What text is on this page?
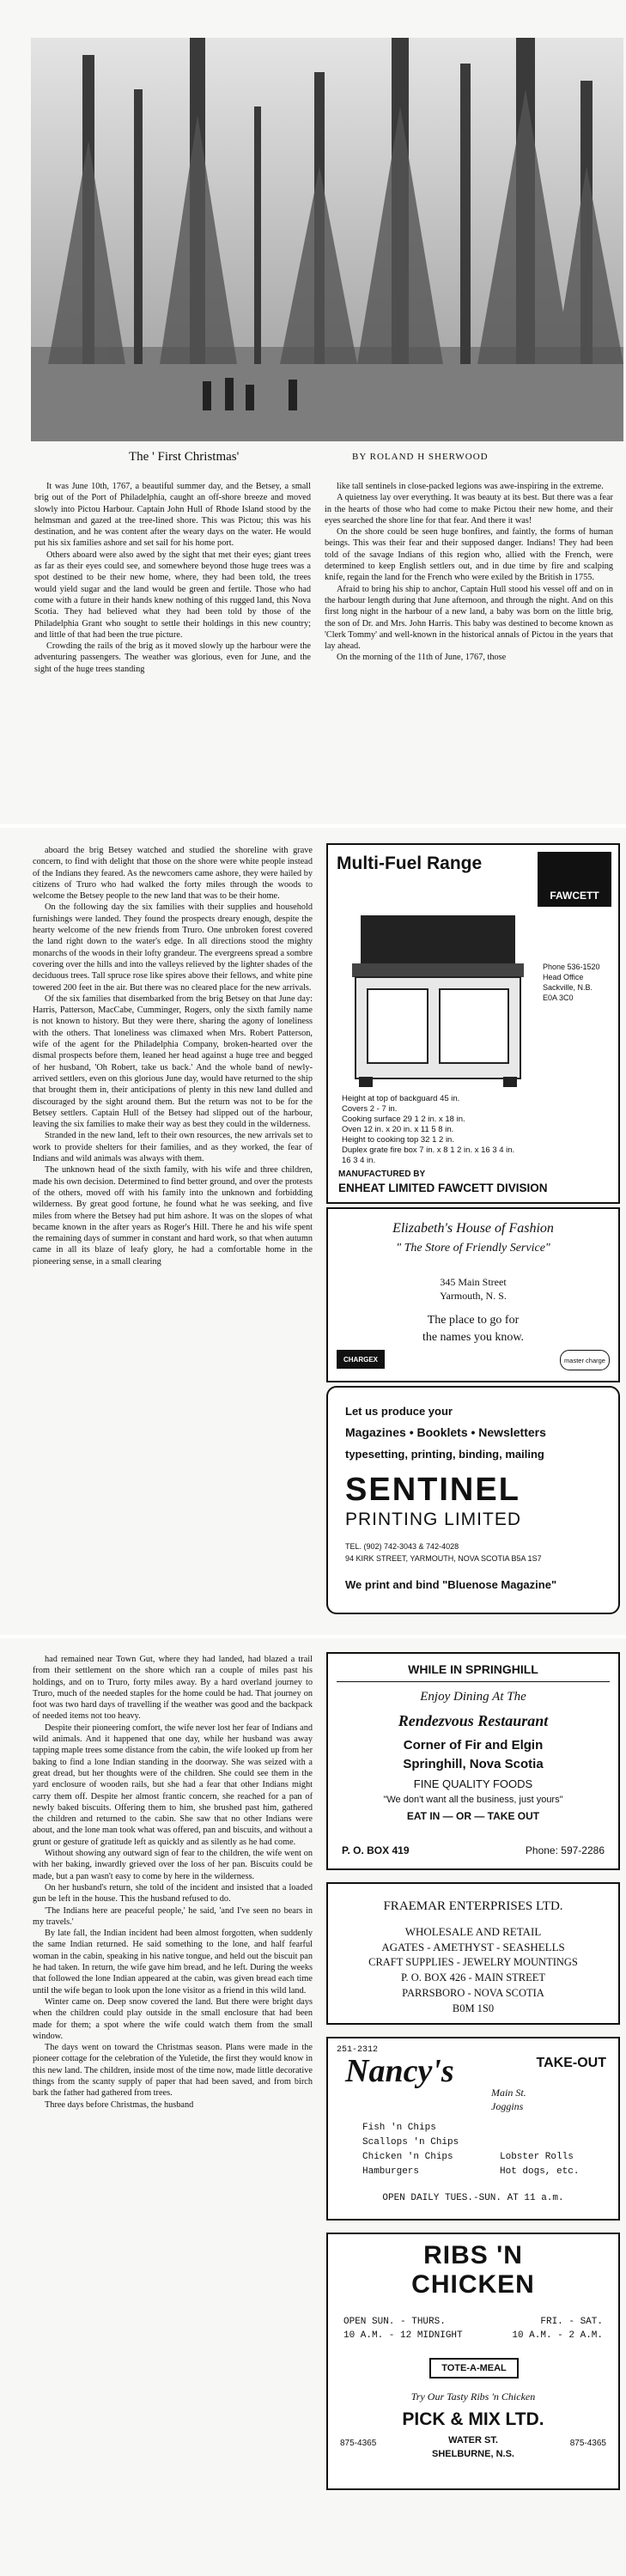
The ' First Christmas'	BY ROLAND H SHERWOOD

It was June 10th, 1767, a beautiful summer day, and the Betsey, a small brig out of the Port of Philadelphia, caught an off-shore breeze and moved slowly into Pictou Harbour. Captain John Hull of Rhode Island stood by the helmsman and gazed at the tree-lined shore. This was Pictou; this was his destination, and he was content after the weary days on the water. He would put his six families ashore and set sail for his home port.

Others aboard were also awed by the sight that met their eyes; giant trees as far as their eyes could see, and somewhere beyond those huge trees was a spot destined to be their new home, where, they had been told, the trees would yield sugar and the land would be green and fertile. Those who had come with a future in their hands knew nothing of this rugged land, this Nova Scotia. They had believed what they had been told by those of the Philadelphia Grant who sought to settle their holdings in this new country; and little of that had been the true picture.

Crowding the rails of the brig as it moved slowly up the harbour were the adventuring passengers. The weather was glorious, even for June, and the sight of the huge trees standing

like tall sentinels in close-packed legions was awe-inspiring in the extreme.

A quietness lay over everything. It was beauty at its best. But there was a fear in the hearts of those who had come to make Pictou their new home, and their eyes searched the shore line for that fear. And there it was!

On the shore could be seen huge bonfires, and faintly, the forms of human beings. This was their fear and their supposed danger. Indians! They had been told of the savage Indians of this region who, allied with the French, were determined to keep English settlers out, and in due time by fire and scalping knife, regain the land for the French who were exiled by the British in 1755.

Afraid to bring his ship to anchor, Captain Hull stood his vessel off and on in the harbour length during that June afternoon, and through the night. And on this first long night in the harbour of a new land, a baby was born on the little brig, the son of Dr. and Mrs. John Harris. This baby was destined to become known as 'Clerk Tommy' and well-known in the historical annals of Pictou in the years that lay ahead.

On the morning of the 11th of June, 1767, those

aboard the brig Betsey watched and studied the shoreline with grave concern, to find with delight that those on the shore were white people instead of the Indians they feared. As the newcomers came ashore, they were hailed by citizens of Truro who had walked the forty miles through the woods to welcome the Betsey people to the new land that was to be their home.

On the following day the six families with their supplies and household furnishings were landed. They found the prospects dreary enough, despite the hearty welcome of the new friends from Truro. One unbroken forest covered the land right down to the water's edge. In all directions stood the mighty monarchs of the woods in their lofty grandeur. The evergreens spread a sombre covering over the hills and into the valleys relieved by the lighter shades of the deciduous trees. Tall spruce rose like spires above their fellows, and white pine towered 200 feet in the air. But there was no cleared place for the new arrivals.

Of the six families that disembarked from the brig Betsey on that June day: Harris, Patterson, MacCabe, Cumminger, Rogers, only the sixth family name is not known to history. But they were there, sharing the agony of loneliness with the others. That loneliness was climaxed when Mrs. Robert Patterson, wife of the agent for the Philadelphia Company, broken-hearted over the dismal prospects before them, leaned her head against a huge tree and begged of her husband, 'Oh Robert, take us back.' And the whole band of newly-arrived settlers, even on this glorious June day, would have returned to the ship that brought them in, their anticipations of plenty in this new land dulled and discouraged by the sight around them. But the return was not to be for the Betsey settlers. Captain Hull of the Betsey had slipped out of the harbour, leaving the six families to make their way as best they could in the wilderness.

Stranded in the new land, left to their own resources, the new arrivals set to work to provide shelters for their families, and as they worked, the fear of Indians and wild animals was always with them.

The unknown head of the sixth family, with his wife and three children, made his own decision. Determined to find better ground, and over the protests of the others, moved off with his family into the unknown and forbidding wilderness. By great good fortune, he found what he was seeking, and five miles from where the Betsey had put him ashore. It was on the slopes of what became known in the after years as Roger's Hill. There he and his wife spent the remaining days of summer in constant and hard work, so that when autumn came in all its blaze of leafy glory, he had a comfortable home in the pioneering sense, in a small clearing

Multi-Fuel Range
FAWCETT
Phone 536-1520
Head Office
Sackville, N.B.
E0A 3C0
Height at top of backguard 45 in.
Covers 2 - 7 in.
Cooking surface 29 1 2 in. x 18 in.
Oven 12 in. x 20 in. x 11 5 8 in.
Height to cooking top 32 1 2 in.
Duplex grate fire box 7 in. x 8 1 2 in. x 16 3 4 in.
16 3 4 in.
MANUFACTURED BY
ENHEAT LIMITED FAWCETT DIVISION
Elizabeth's House of Fashion
" The Store of Friendly Service"
345 Main Street
Yarmouth, N. S.
The place to go for
the names you know.
CHARGEX	master charge
Let us produce your
Magazines • Booklets • Newsletters
typesetting, printing, binding, mailing
SENTINEL
PRINTING LIMITED
TEL. (902) 742-3043 & 742-4028
94 KIRK STREET, YARMOUTH, NOVA SCOTIA B5A 1S7
We print and bind "Bluenose Magazine"

had remained near Town Gut, where they had landed, had blazed a trail from their settlement on the shore which ran a couple of miles past his holdings, and on to Truro, forty miles away. By a hard overland journey to Truro, much of the needed staples for the home could be had. That journey on foot was two hard days of travelling if the weather was good and the backpack of needed items not too heavy.

Despite their pioneering comfort, the wife never lost her fear of Indians and wild animals. And it happened that one day, while her husband was away tapping maple trees some distance from the cabin, the wife looked up from her baking to find a lone Indian standing in the doorway. She was seized with a great dread, but her thoughts were of the children. She could see them in the yard enclosure of wooden rails, but she had a fear that other Indians might carry them off. Despite her almost frantic concern, she reached for a pan of newly baked biscuits. Offering them to him, she brushed past him, gathered the children and returned to the cabin. She saw that no other Indians were about, and the lone man took what was offered, pan and biscuits, and without a grunt or gesture of gratitude left as quickly and as silently as he had come.

Without showing any outward sign of fear to the children, the wife went on with her baking, inwardly grieved over the loss of her pan. Biscuits could be made, but a pan wasn't easy to come by here in the wilderness.

On her husband's return, she told of the incident and insisted that a loaded gun be left in the house. This the husband refused to do.

'The Indians here are peaceful people,' he said, 'and I've seen no bears in my travels.'

By late fall, the Indian incident had been almost forgotten, when suddenly the same Indian returned. He said something to the lone, and half fearful woman in the cabin, speaking in his native tongue, and held out the biscuit pan he had taken. In return, the wife gave him bread, and he left. During the weeks that followed the lone Indian appeared at the cabin, was given bread each time until the wife began to look upon the lone visitor as a friend in this wild land.

Winter came on. Deep snow covered the land. But there were bright days when the children could play outside in the small enclosure that had been made for them; a spot where the wife could watch them from the small window.

The days went on toward the Christmas season. Plans were made in the pioneer cottage for the celebration of the Yuletide, the first they would know in this new land. The children, inside most of the time now, made little decorative things from the scanty supply of paper that had been saved, and from birch bark the father had gathered from trees.

Three days before Christmas, the husband

WHILE IN SPRINGHILL
Enjoy Dining At The
Rendezvous Restaurant
Corner of Fir and Elgin
Springhill, Nova Scotia
FINE QUALITY FOODS
"We don't want all the business, just yours"
EAT IN — OR — TAKE OUT
P. O. BOX 419	Phone: 597-2286
FRAEMAR ENTERPRISES LTD.
WHOLESALE AND RETAIL
AGATES - AMETHYST - SEASHELLS
CRAFT SUPPLIES - JEWELRY MOUNTINGS
P. O. BOX 426 - MAIN STREET
PARRSBORO - NOVA SCOTIA
B0M 1S0
251-2312
Nancy's	TAKE-OUT
Main St.
Joggins
Fish 'n Chips
Scallops 'n Chips
Chicken 'n Chips
Hamburgers
Lobster Rolls
Hot dogs, etc.
OPEN DAILY TUES.-SUN. AT 11 a.m.
RIBS 'N
CHICKEN
OPEN SUN. - THURS.
10 A.M. - 12 MIDNIGHT
FRI. - SAT.
10 A.M. - 2 A.M.
TOTE-A-MEAL
Try Our Tasty Ribs 'n Chicken
PICK & MIX LTD.
875-4365	WATER ST.
SHELBURNE, N.S.
875-4365
